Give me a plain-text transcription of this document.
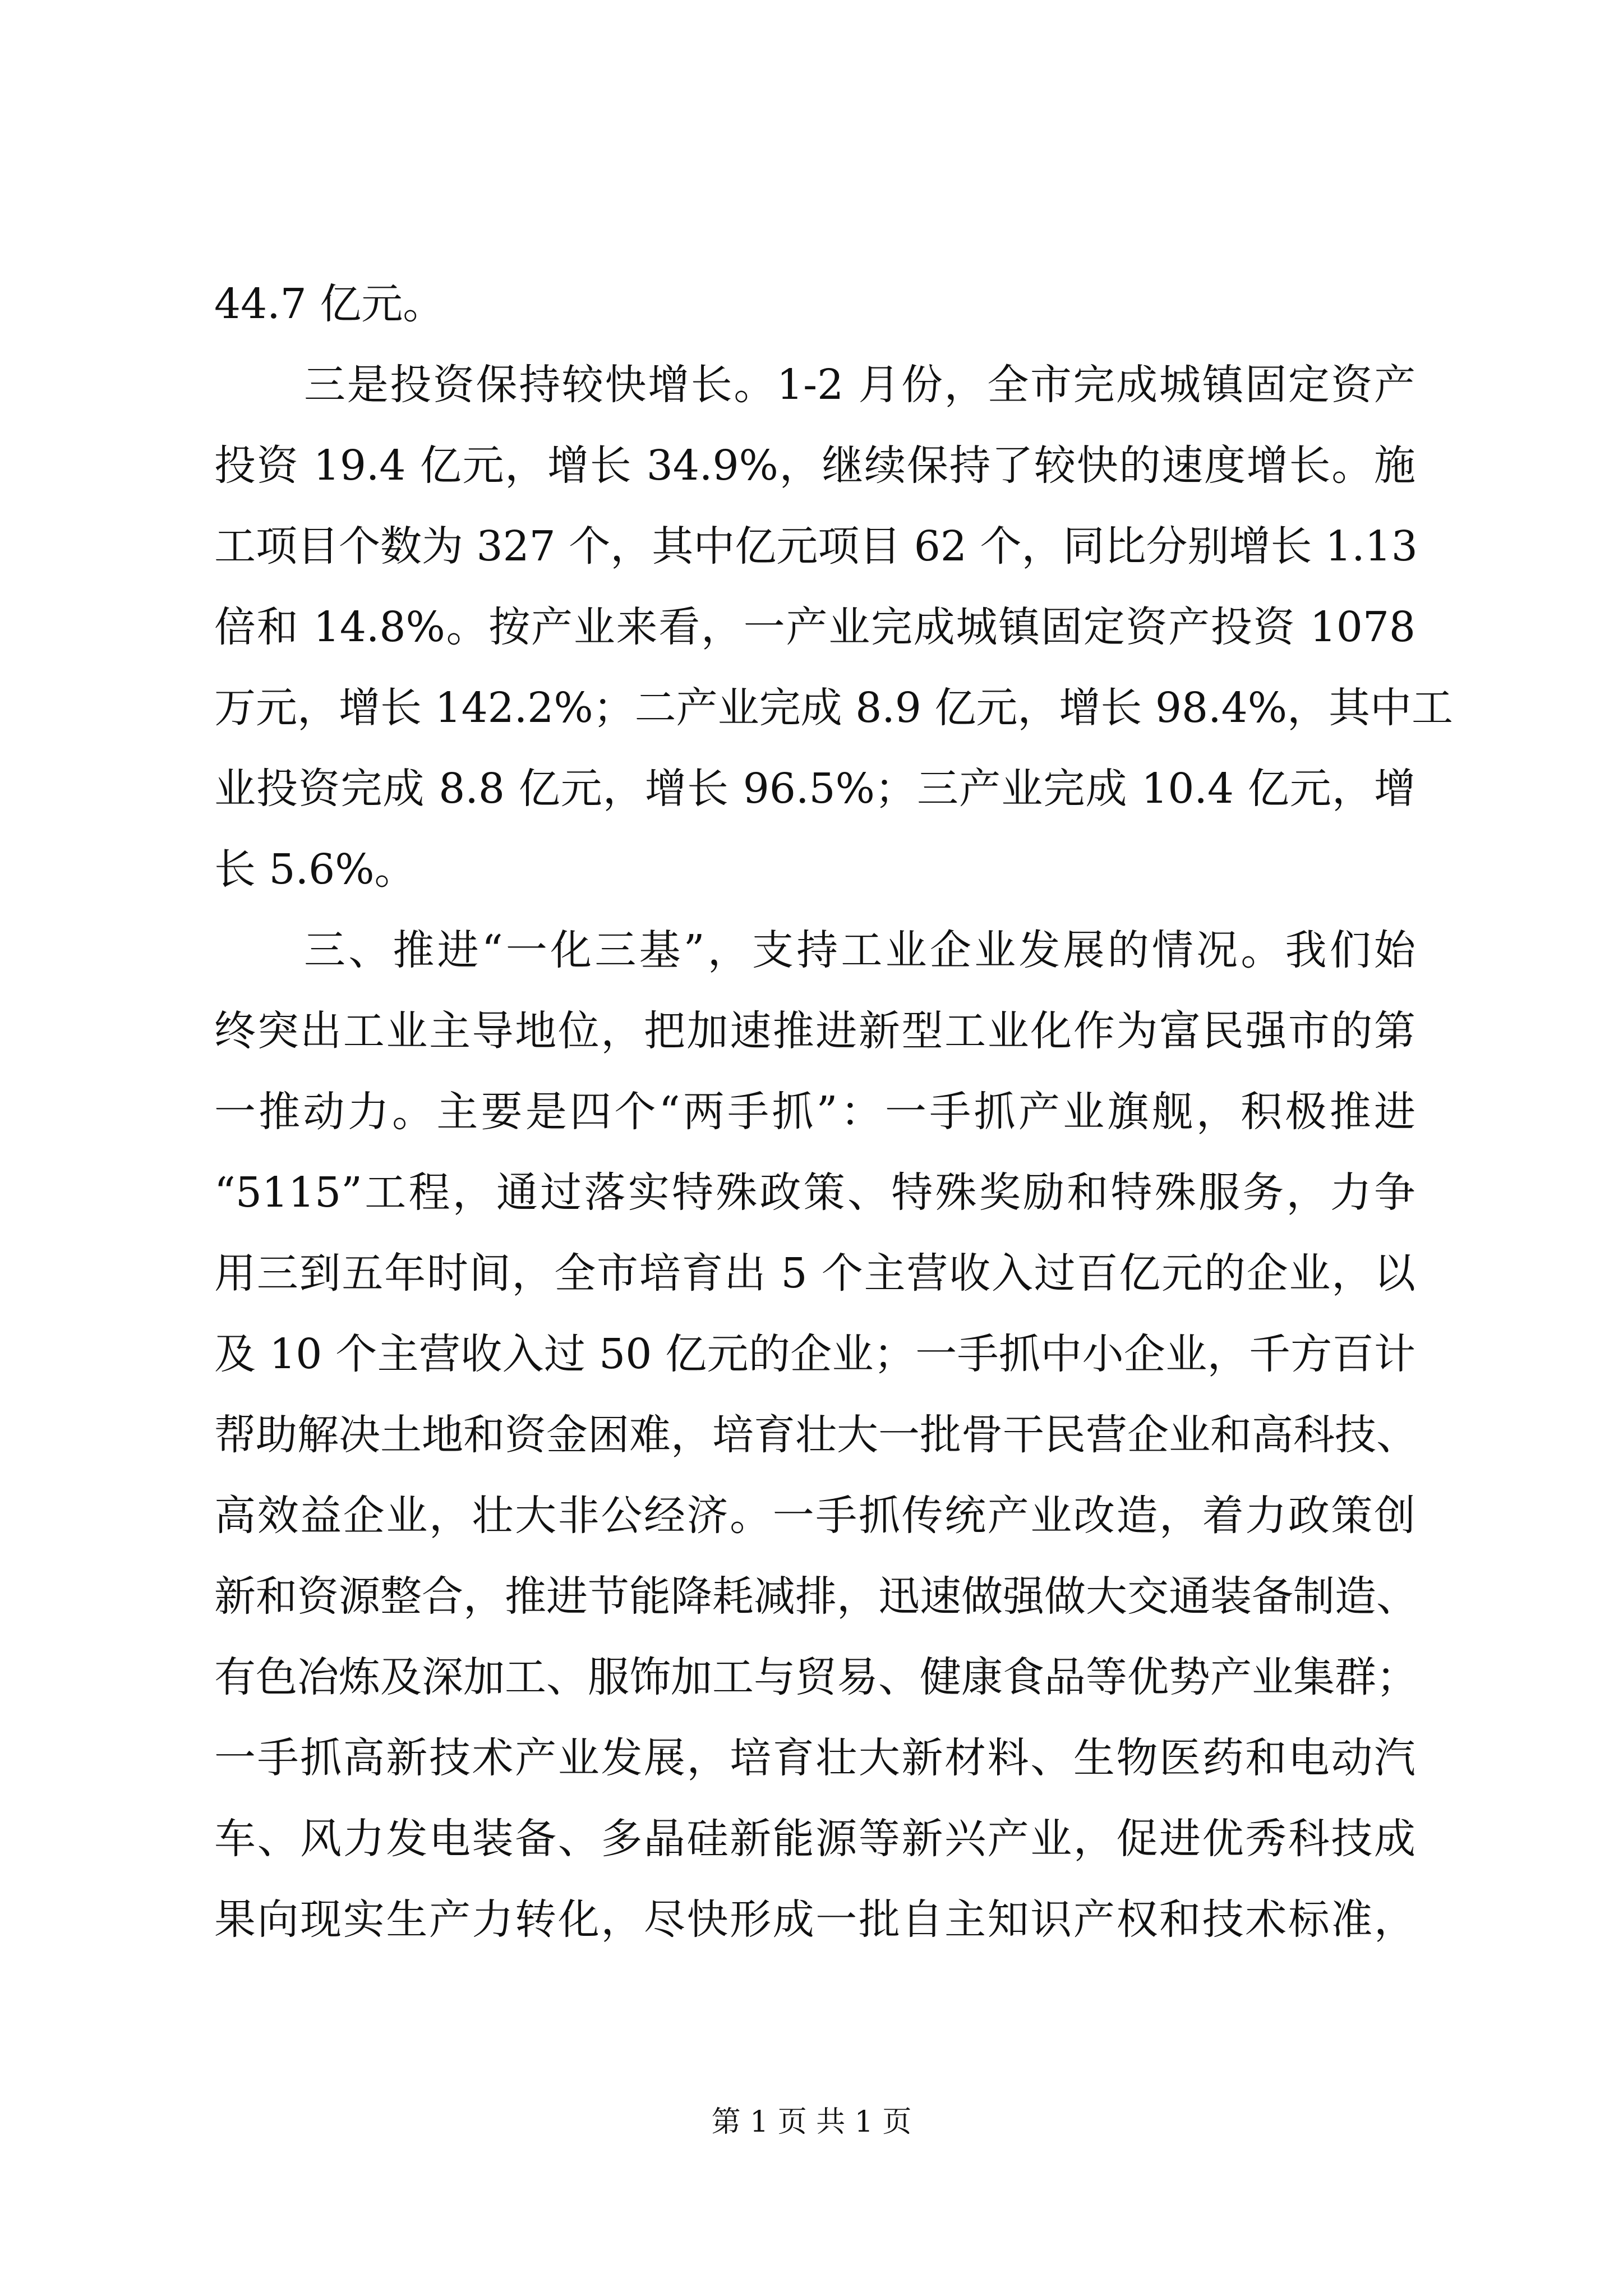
44.7 亿元。
三是投资保持较快增长。1-2 月份，全市完成城镇固定资产
投资 19.4 亿元，增长 34.9%，继续保持了较快的速度增长。施
工项目个数为 327 个，其中亿元项目 62 个，同比分别增长 1.13
倍和 14.8%。按产业来看，一产业完成城镇固定资产投资 1078
万元，增长 142.2%；二产业完成 8.9 亿元，增长 98.4%，其中工
业投资完成 8.8 亿元，增长 96.5%；三产业完成 10.4 亿元，增
长 5.6%。
三、推进“一化三基”，支持工业企业发展的情况。我们始
终突出工业主导地位，把加速推进新型工业化作为富民强市的第
一推动力。主要是四个“两手抓”：一手抓产业旗舰，积极推进
“5115”工程，通过落实特殊政策、特殊奖励和特殊服务，力争
用三到五年时间，全市培育出 5 个主营收入过百亿元的企业，以
及 10 个主营收入过 50 亿元的企业；一手抓中小企业，千方百计
帮助解决土地和资金困难，培育壮大一批骨干民营企业和高科技、
高效益企业，壮大非公经济。一手抓传统产业改造，着力政策创
新和资源整合，推进节能降耗减排，迅速做强做大交通装备制造、
有色冶炼及深加工、服饰加工与贸易、健康食品等优势产业集群；
一手抓高新技术产业发展，培育壮大新材料、生物医药和电动汽
车、风力发电装备、多晶硅新能源等新兴产业，促进优秀科技成
果向现实生产力转化，尽快形成一批自主知识产权和技术标准，
第 1 页 共 1 页
